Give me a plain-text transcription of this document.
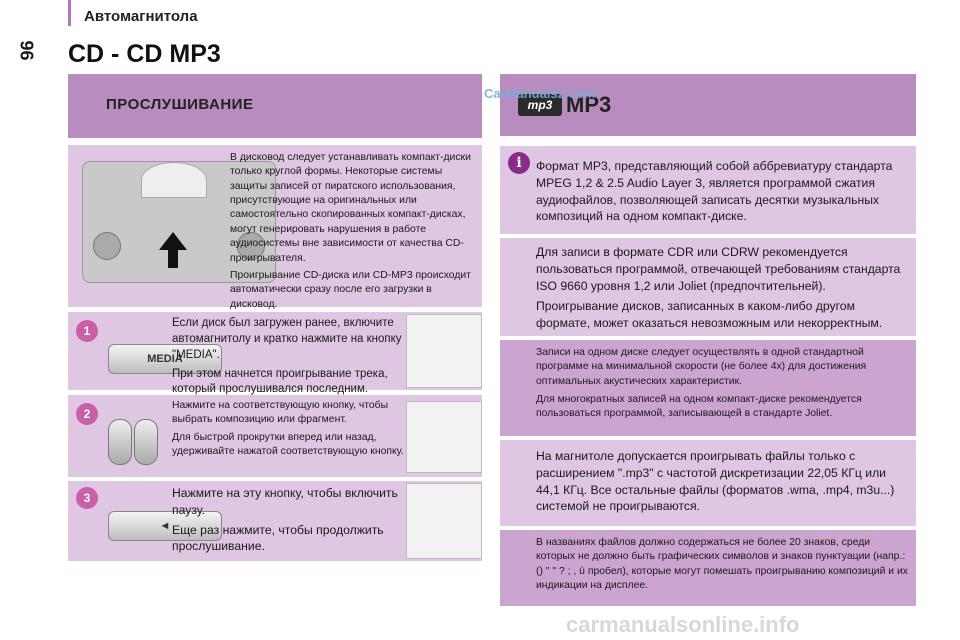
Автомагнитола
96 CD - CD MP3
ПРОСЛУШИВАНИЕ	mp3 MP3
CarManuals2.com

В дисковод следует устанавливать компакт-диски только круглой формы. Некоторые системы защиты записей от пиратского использования, присутствующие на оригинальных или самостоятельно скопированных компакт-дисках, могут генерировать нарушения в работе аудиосистемы вне зависимости от качества CD-проигрывателя.

Проигрывание CD-диска или CD-MP3 происходит автоматически сразу после его загрузки в дисковод.

1
MEDIA

Если диск был загружен ранее, включите автомагнитолу и кратко нажмите на кнопку "MEDIA".

При этом начнется проигрывание трека, который прослушивался последним.

2

Нажмите на соответствующую кнопку, чтобы выбрать композицию или фрагмент.

Для быстрой прокрутки вперед или назад, удерживайте нажатой соответствующую кнопку.

3
◄

Нажмите на эту кнопку, чтобы включить паузу.

Еще раз нажмите, чтобы продолжить прослушивание.

i	Формат MP3, представляющий собой аббревиатуру стандарта MPEG 1,2 & 2.5 Audio Layer 3, является программой сжатия аудиофайлов, позволяющей записать десятки музыкальных композиций на одном компакт-диске.

Для записи в формате CDR или CDRW рекомендуется пользоваться программой, отвечающей требованиям стандарта ISO 9660 уровня 1,2 или Joliet (предпочтительней).

Проигрывание дисков, записанных в каком-либо другом формате, может оказаться невозможным или некорректным.

Записи на одном диске следует осуществлять в одной стандартной программе на минимальной скорости (не более 4х) для достижения оптимальных акустических характеристик.

Для многократных записей на одном компакт-диске рекомендуется пользоваться программой, записывающей в стандарте Joliet.

На магнитоле допускается проигрывать файлы только с расширением ".mp3" с частотой дискретизации 22,05 КГц или 44,1 КГц. Все остальные файлы (форматов .wma, .mp4, m3u...) системой не проигрываются.

В названиях файлов должно содержаться не более 20 знаков, среди которых не должно быть графических символов и знаков пунктуации (напр.: () " " ? ; , ù пробел), которые могут помешать проигрыванию композиций и их индикации на дисплее.

carmanualsonline.info
